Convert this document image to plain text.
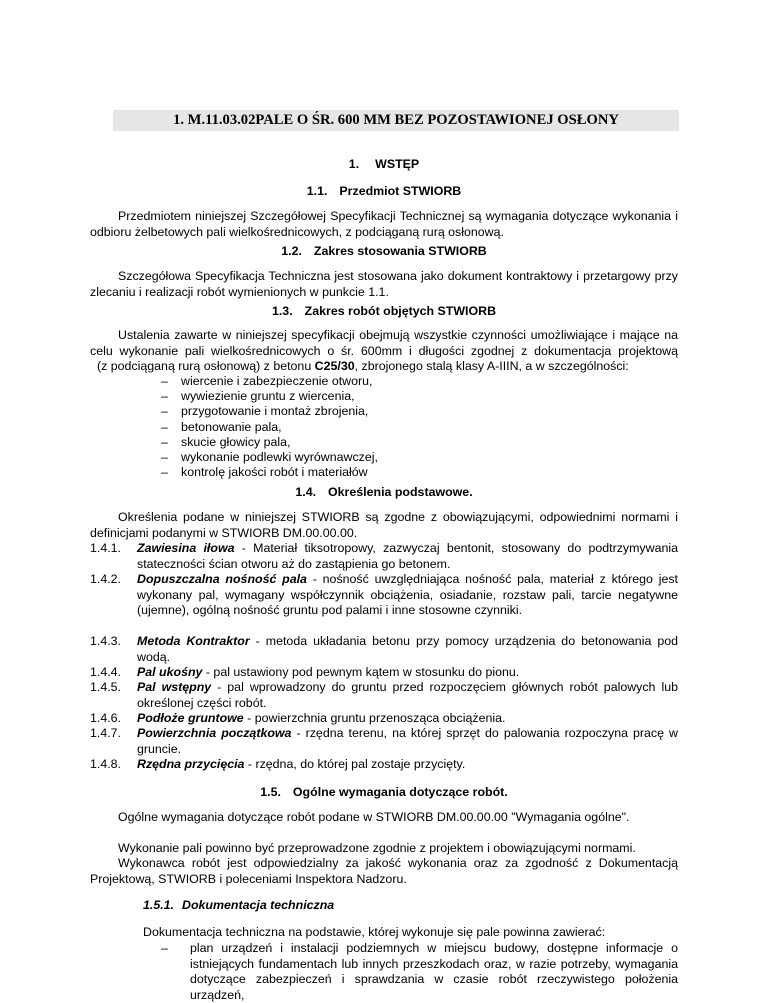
1. M.11.03.02PALE O ŚR. 600 MM BEZ POZOSTAWIONEJ OSŁONY
1. WSTĘP
1.1. Przedmiot STWIORB
Przedmiotem niniejszej Szczegółowej Specyfikacji Technicznej są wymagania dotyczące wykonania i odbioru żelbetowych pali wielkośrednicowych, z podciąganą rurą osłonową.
1.2. Zakres stosowania STWIORB
Szczegółowa Specyfikacja Techniczna jest stosowana jako dokument kontraktowy i przetargowy przy zlecaniu i realizacji robót wymienionych w punkcie 1.1.
1.3. Zakres robót objętych STWIORB
Ustalenia zawarte w niniejszej specyfikacji obejmują wszystkie czynności umożliwiające i mające na celu wykonanie pali wielkośrednicowych o śr. 600mm i długości zgodnej z dokumentacja projektową
(z podciąganą rurą osłonową) z betonu C25/30, zbrojonego stalą klasy A-IIIN, a w szczególności:
– wiercenie i zabezpieczenie otworu,
– wywiezienie gruntu z wiercenia,
– przygotowanie i montaż zbrojenia,
– betonowanie pala,
– skucie głowicy pala,
– wykonanie podlewki wyrównawczej,
– kontrolę jakości robót i materiałów
1.4. Określenia podstawowe.
Określenia podane w niniejszej STWIORB są zgodne z obowiązującymi, odpowiednimi normami i definicjami podanymi w STWIORB DM.00.00.00.
1.4.1. Zawiesina iłowa - Materiał tiksotropowy, zazwyczaj bentonit, stosowany do podtrzymywania stateczności ścian otworu aż do zastąpienia go betonem.
1.4.2. Dopuszczalna nośność pala - nośność uwzględniająca nośność pala, materiał z którego jest wykonany pal, wymagany współczynnik obciążenia, osiadanie, rozstaw pali, tarcie negatywne (ujemne), ogólną nośność gruntu pod palami i inne stosowne czynniki.
1.4.3. Metoda Kontraktor - metoda układania betonu przy pomocy urządzenia do betonowania pod wodą.
1.4.4. Pal ukośny - pal ustawiony pod pewnym kątem w stosunku do pionu.
1.4.5. Pal wstępny - pal wprowadzony do gruntu przed rozpoczęciem głównych robót palowych lub określonej części robót.
1.4.6. Podłoże gruntowe - powierzchnia gruntu przenosząca obciążenia.
1.4.7. Powierzchnia początkowa - rzędna terenu, na której sprzęt do palowania rozpoczyna pracę w gruncie.
1.4.8. Rzędna przycięcia - rzędna, do której pal zostaje przycięty.
1.5. Ogólne wymagania dotyczące robót.
Ogólne wymagania dotyczące robót podane w STWIORB DM.00.00.00 "Wymagania ogólne".
Wykonanie pali powinno być przeprowadzone zgodnie z projektem i obowiązującymi normami.
Wykonawca robót jest odpowiedzialny za jakość wykonania oraz za zgodność z Dokumentacją Projektową, STWIORB i poleceniami Inspektora Nadzoru.
1.5.1. Dokumentacja techniczna
Dokumentacja techniczna na podstawie, której wykonuje się pale powinna zawierać:
– plan urządzeń i instalacji podziemnych w miejscu budowy, dostępne informacje o istniejących fundamentach lub innych przeszkodach oraz, w razie potrzeby, wymagania dotyczące zabezpieczeń i sprawdzania w czasie robót rzeczywistego położenia urządzeń,
